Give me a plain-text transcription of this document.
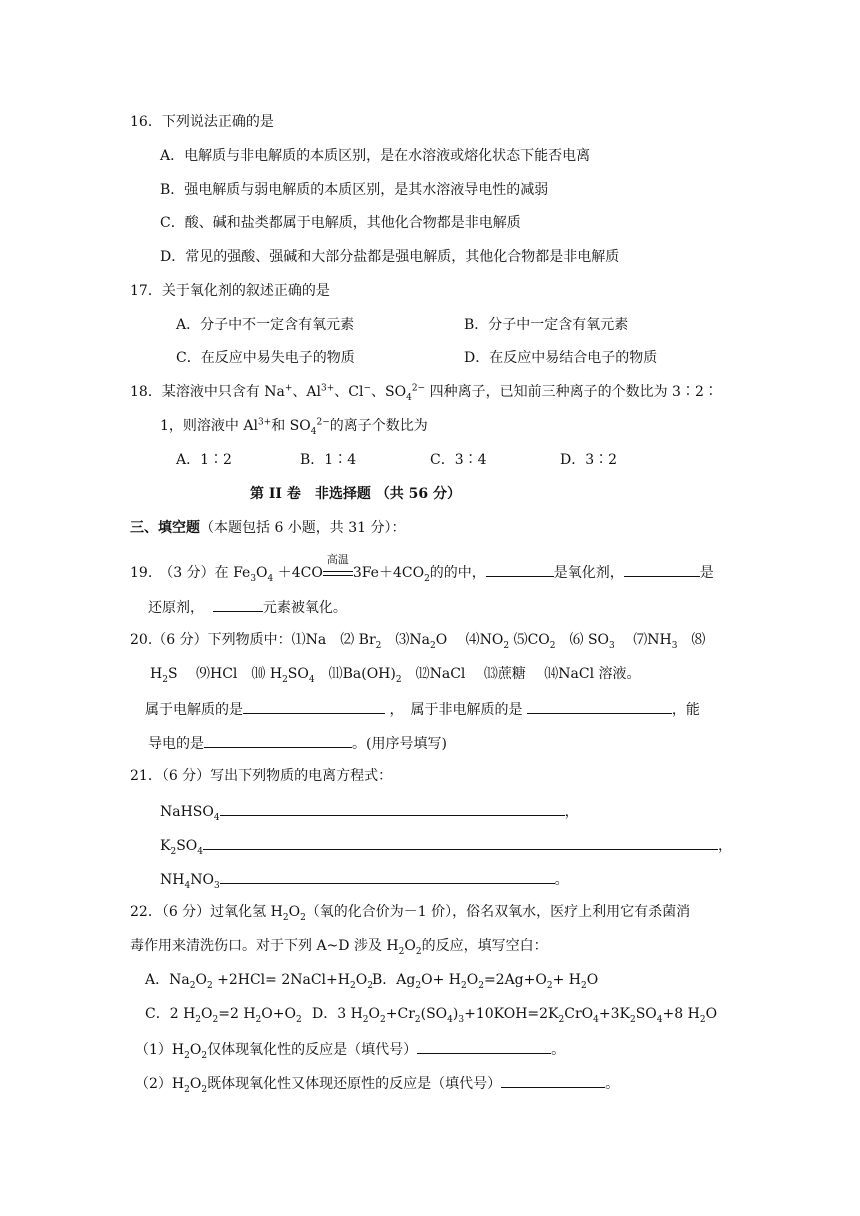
16．下列说法正确的是
A．电解质与非电解质的本质区别，是在水溶液或熔化状态下能否电离
B．强电解质与弱电解质的本质区别，是其水溶液导电性的减弱
C．酸、碱和盐类都属于电解质，其他化合物都是非电解质
D．常见的强酸、强碱和大部分盐都是强电解质，其他化合物都是非电解质
17．关于氧化剂的叙述正确的是
A．分子中不一定含有氧元素	B．分子中一定含有氧元素
C．在反应中易失电子的物质	D．在反应中易结合电子的物质
18．某溶液中只含有 Na+、$Al^{3+}$、Cl−、$SO_4^{2-}$ 四种离子，已知前三种离子的个数比为 3∶2∶
1，则溶液中 $Al^{3+}$和 $SO_4^{2-}$的离子个数比为
A．1∶2	B．1∶4	C．3∶4	D．3∶2
第 II 卷　非选择题 （共 56 分）
三、填空题（本题包括 6 小题，共 31 分）：
19.　（3 分）在 $Fe_3O_4 +4CO$
高温
$3Fe+4CO_2$的的中，	是氧化剂，	是
还原剂，	元素被氧化。
20.（6 分）下列物质中：⑴Na　⑵ $Br_2$　$⑶Na_2O$　 $⑷NO_2$ $⑸CO_2$　⑹ $SO_3$　 $⑺NH_3$　⑻
$H_2S$　 ⑼HCl　⑽ $H_2SO_4$　$⑾Ba(OH)_2$　⑿NaCl　 ⒀蔗糖　 ⒁NaCl 溶液。
属于电解质的是	，　属于非电解质的是	，能
导电的是	。(用序号填写)
21．（6 分）写出下列物质的电离方程式：
NaHSO$_4$	，
$K_2SO_4$	，
$NH_4NO_3$	。
22．（6 分）过氧化氢 $H_2O_2$（氧的化合价为－1 价），俗名双氧水，医疗上利用它有杀菌消
毒作用来清洗伤口。对于下列 A~D 涉及 $H_2O_2$的反应，填写空白：
A．$Na_2O_2 +2HCl=$ $2NaCl+H_2O_2$ B．$Ag_2O+ H_2O_2=2Ag+O_2+ H_2O$
C．2 $H_2O_2=2$ $H_2O+O_2$ D．3 $H_2O_2+Cr_2(SO_4)_3+10KOH=2K_2CrO_4+3K_2SO_4+8$ $H_2O$
$(1)H_2O_2$仅体现氧化性的反应是（填代号）	。
$(2)H_2O_2$既体现氧化性又体现还原性的反应是（填代号）	。
